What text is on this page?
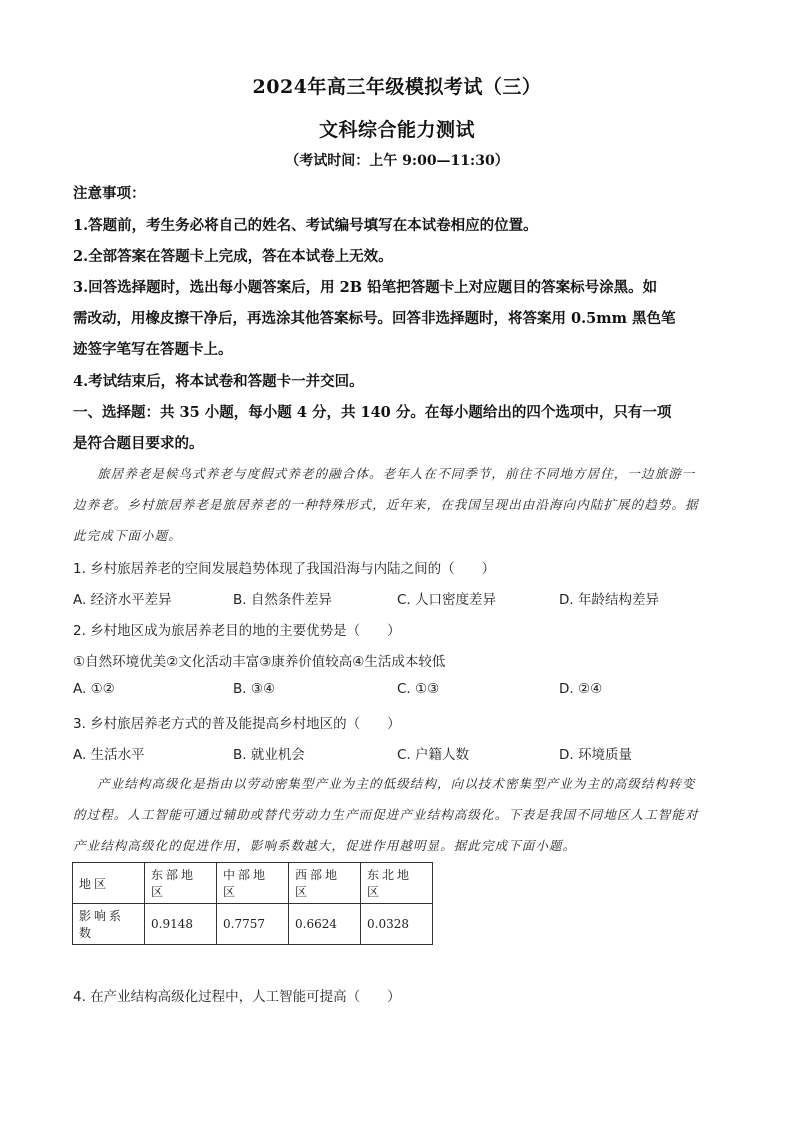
2024年高三年级模拟考试（三）
文科综合能力测试
（考试时间：上午 9:00—11:30）
注意事项：
1.答题前，考生务必将自己的姓名、考试编号填写在本试卷相应的位置。
2.全部答案在答题卡上完成，答在本试卷上无效。
3.回答选择题时，选出每小题答案后，用 2B 铅笔把答题卡上对应题目的答案标号涂黑。如
需改动，用橡皮擦干净后，再选涂其他答案标号。回答非选择题时，将答案用 0.5mm 黑色笔
迹签字笔写在答题卡上。
4.考试结束后，将本试卷和答题卡一并交回。
一、选择题：共 35 小题，每小题 4 分，共 140 分。在每小题给出的四个选项中，只有一项
是符合题目要求的。
旅居养老是候鸟式养老与度假式养老的融合体。老年人在不同季节，前往不同地方居住，一边旅游一
边养老。乡村旅居养老是旅居养老的一种特殊形式，近年来，在我国呈现出由沿海向内陆扩展的趋势。据
此完成下面小题。
1. 乡村旅居养老的空间发展趋势体现了我国沿海与内陆之间的（　　）
A. 经济水平差异	B. 自然条件差异	C. 人口密度差异	D. 年龄结构差异
2. 乡村地区成为旅居养老目的地的主要优势是（　　）
①自然环境优美②文化活动丰富③康养价值较高④生活成本较低
A. ①②	B. ③④	C. ①③	D. ②④
3. 乡村旅居养老方式的普及能提高乡村地区的（　　）
A. 生活水平	B. 就业机会	C. 户籍人数	D. 环境质量
产业结构高级化是指由以劳动密集型产业为主的低级结构，向以技术密集型产业为主的高级结构转变
的过程。人工智能可通过辅助或替代劳动力生产而促进产业结构高级化。下表是我国不同地区人工智能对
产业结构高级化的促进作用，影响系数越大，促进作用越明显。据此完成下面小题。
地区	东部地区	中部地区	西部地区	东北地区
影响系数	0.9148	0.7757	0.6624	0.0328
4. 在产业结构高级化过程中，人工智能可提高（　　）
